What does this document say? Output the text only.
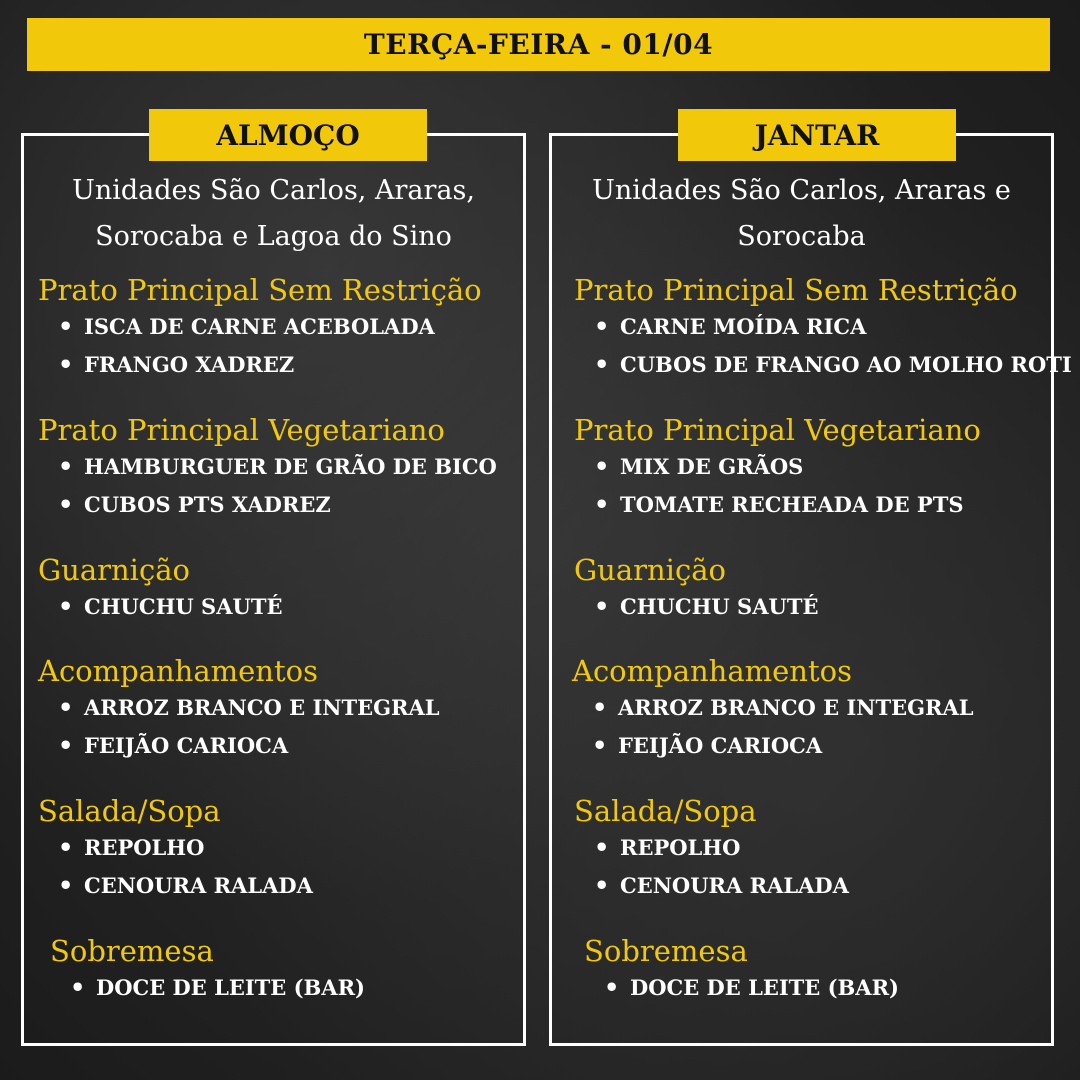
TERÇA-FEIRA - 01/04
ALMOÇO
Unidades São Carlos, Araras,
Sorocaba e Lagoa do Sino
Prato Principal Sem Restrição
• ISCA DE CARNE ACEBOLADA
• FRANGO XADREZ
Prato Principal Vegetariano
• HAMBURGUER DE GRÃO DE BICO
• CUBOS PTS XADREZ
Guarnição
• CHUCHU SAUTÉ
Acompanhamentos
• ARROZ BRANCO E INTEGRAL
• FEIJÃO CARIOCA
Salada/Sopa
• REPOLHO
• CENOURA RALADA
Sobremesa
• DOCE DE LEITE (BAR)
JANTAR
Unidades São Carlos, Araras e
Sorocaba
Prato Principal Sem Restrição
• CARNE MOÍDA RICA
• CUBOS DE FRANGO AO MOLHO ROTI
Prato Principal Vegetariano
• MIX DE GRÃOS
• TOMATE RECHEADA DE PTS
Guarnição
• CHUCHU SAUTÉ
Acompanhamentos
• ARROZ BRANCO E INTEGRAL
• FEIJÃO CARIOCA
Salada/Sopa
• REPOLHO
• CENOURA RALADA
Sobremesa
• DOCE DE LEITE (BAR)
